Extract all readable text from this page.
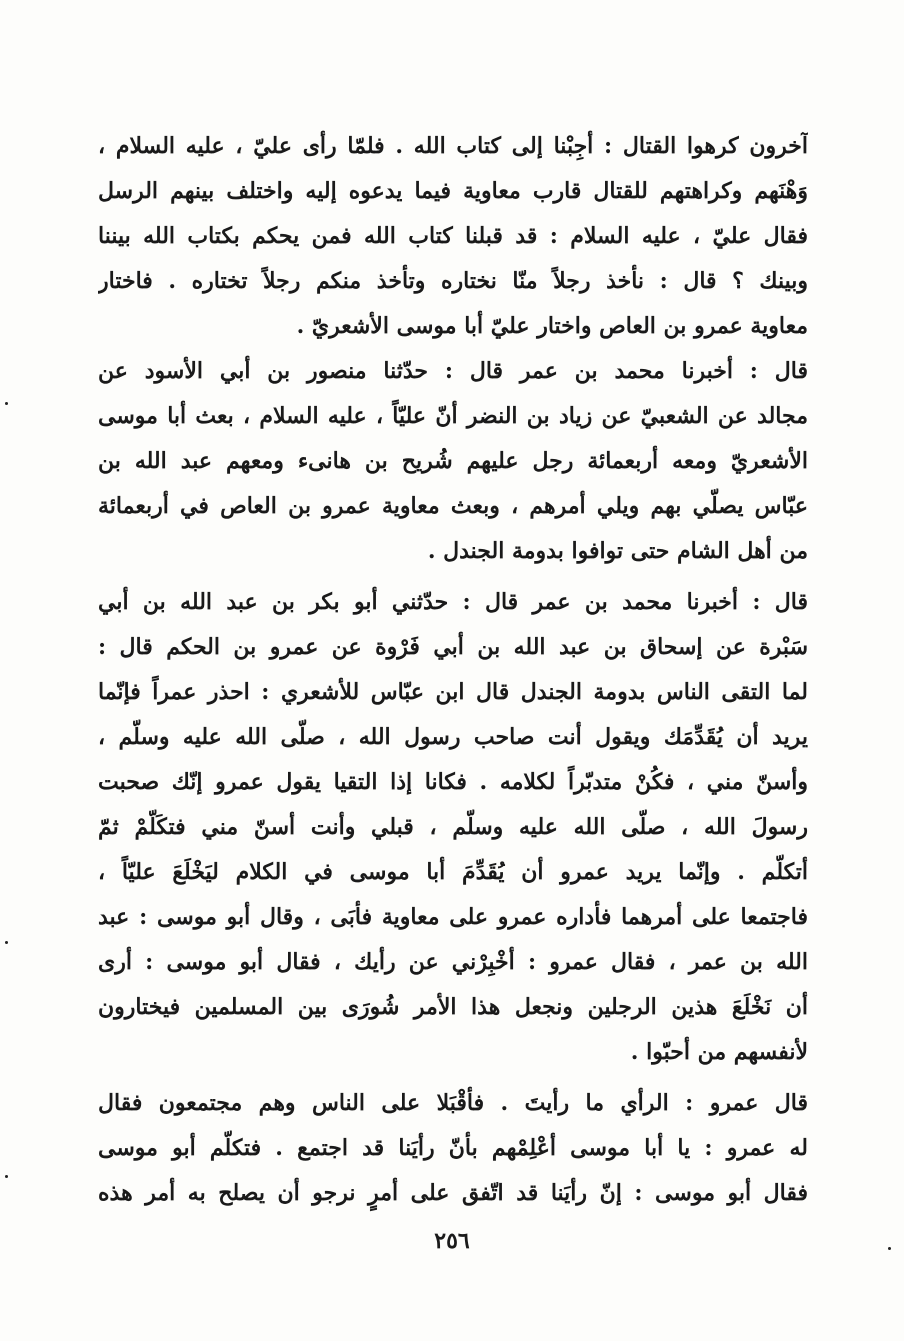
آخرون كرهوا القتال : أجِبْنا إلى كتاب الله . فلمّا رأى عليّ ، عليه السلام ،
وَهْنَهم وكراهتهم للقتال قارب معاوية فيما يدعوه إليه واختلف بينهم الرسل
فقال عليّ ، عليه السلام : قد قبلنا كتاب الله فمن يحكم بكتاب الله بيننا
وبينك ؟ قال : نأخذ رجلاً منّا نختاره وتأخذ منكم رجلاً تختاره . فاختار
معاوية عمرو بن العاص واختار عليّ أبا موسى الأشعريّ .
قال : أخبرنا محمد بن عمر قال : حدّثنا منصور بن أبي الأسود عن
مجالد عن الشعبيّ عن زياد بن النضر أنّ عليّاً ، عليه السلام ، بعث أبا موسى
الأشعريّ ومعه أربعمائة رجل عليهم شُريح بن هانىء ومعهم عبد الله بن
عبّاس يصلّي بهم ويلي أمرهم ، وبعث معاوية عمرو بن العاص في أربعمائة
من أهل الشام حتى توافوا بدومة الجندل .
قال : أخبرنا محمد بن عمر قال : حدّثني أبو بكر بن عبد الله بن أبي
سَبْرة عن إسحاق بن عبد الله بن أبي فَرْوة عن عمرو بن الحكم قال :
لما التقى الناس بدومة الجندل قال ابن عبّاس للأشعري : احذر عمراً فإنّما
يريد أن يُقَدِّمَك ويقول أنت صاحب رسول الله ، صلّى الله عليه وسلّم ،
وأسنّ مني ، فكُنْ متدبّراً لكلامه . فكانا إذا التقيا يقول عمرو إنّك صحبت
رسولَ الله ، صلّى الله عليه وسلّم ، قبلي وأنت أسنّ مني فتكَلّمْ ثمّ
أتكلّم . وإنّما يريد عمرو أن يُقَدِّمَ أبا موسى في الكلام ليَخْلَعَ عليّاً ،
فاجتمعا على أمرهما فأداره عمرو على معاوية فأبَى ، وقال أبو موسى : عبد
الله بن عمر ، فقال عمرو : أخْبِرْني عن رأيك ، فقال أبو موسى : أرى
أن نَخْلَعَ هذين الرجلين ونجعل هذا الأمر شُورَى بين المسلمين فيختارون
لأنفسهم من أحبّوا .
قال عمرو : الرأي ما رأيتَ . فأقْبَلا على الناس وهم مجتمعون فقال
له عمرو : يا أبا موسى أعْلِمْهم بأنّ رأيَنا قد اجتمع . فتكلّم أبو موسى
فقال أبو موسى : إنّ رأيَنا قد اتّفق على أمرٍ نرجو أن يصلح به أمر هذه
٢٥٦
